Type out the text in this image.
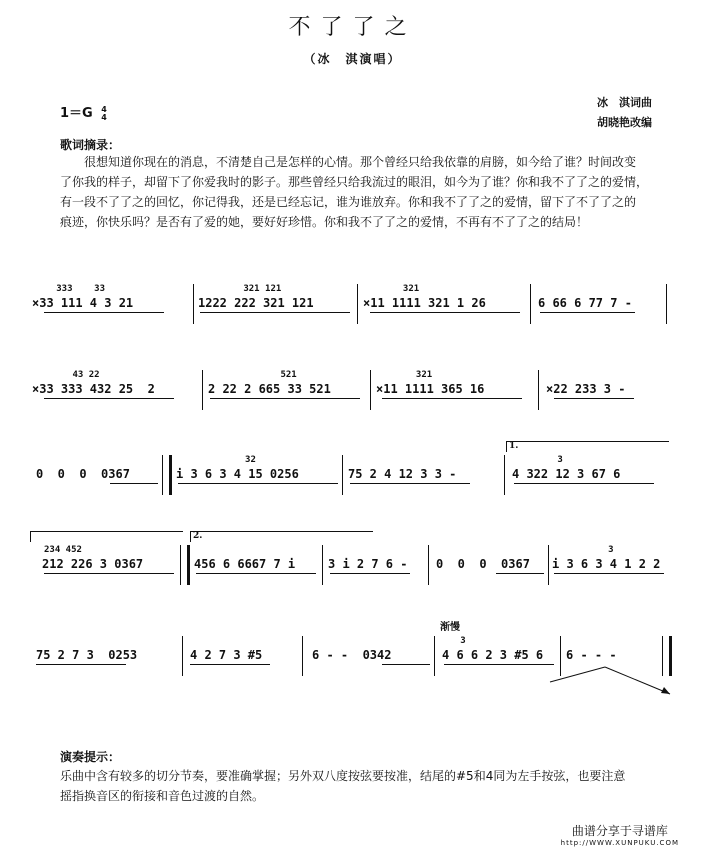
不了了之
（冰　淇演唱）
1＝G 4
4
冰　淇词曲
胡晓艳改编
歌词摘录：
很想知道你现在的消息，不清楚自己是怎样的心情。那个曾经只给我依靠的肩膀，如今给了谁？时间改变
了你我的样子，却留下了你爱我时的影子。那些曾经只给我流过的眼泪，如今为了谁？你和我不了了之的爱情，
有一段不了了之的回忆，你记得我，还是已经忘记，谁为谁放弃。你和我不了了之的爱情，留下了不了了之的
痕迹，你快乐吗？是否有了爱的她，要好好珍惜。你和我不了了之的爱情，不再有不了了之的结局！
333    33
×33 111 4 3 21
321 121
1222 222 321 121
321
×11 1111 321 1 26	6 66 6 77 7 -
43 22
×33 333 432 25  2
521
2 22 2 665 33 521
321
×11 1111 365 16	×22 233 3 -
0  0  0  0367
32
i 3 6 3 4 15 0256	75 2 4 12 3 3 -
1.
3
4 322 12 3 67 6
234 452
212 226 3 0367
2.
456 6 6667 7 i	3 i 2 7 6 - 0  0  0  0367
3
i 3 6 3 4 1 2 2
75 2 7 3  0253	4 2 7 3 #5	6 - -  0342
渐慢
3
4 6 6 2 3 #5 6 6 - - -
演奏提示：
乐曲中含有较多的切分节奏，要准确掌握；另外双八度按弦要按准，结尾的#5和4同为左手按弦，也要注意
摇指换音区的衔接和音色过渡的自然。
曲谱分享于寻谱库
http://WWW.XUNPUKU.COM
